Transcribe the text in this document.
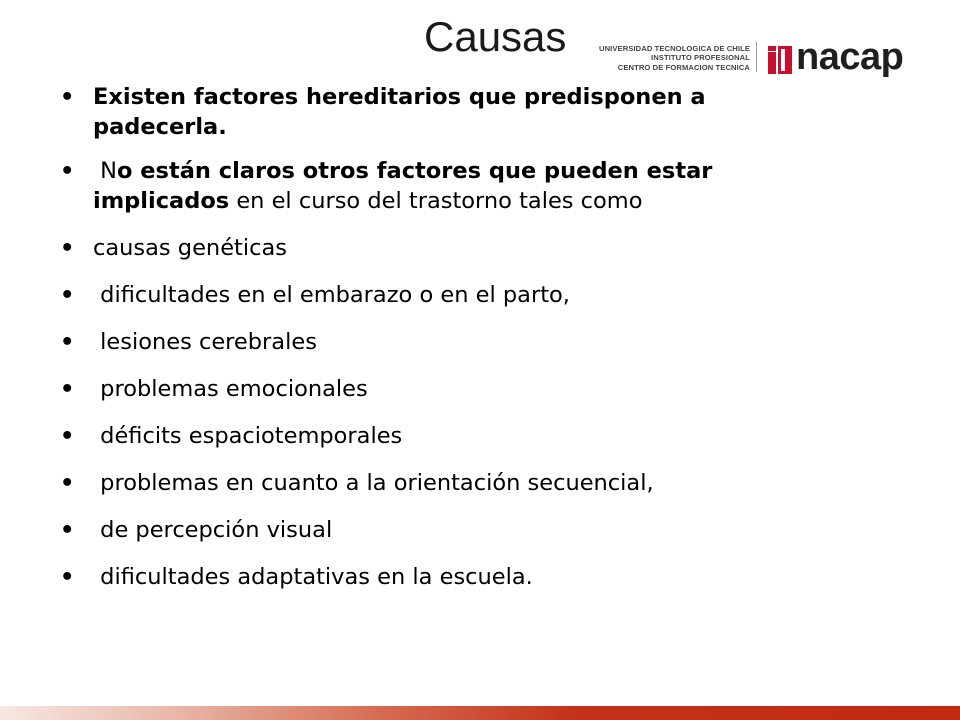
Causas	UNIVERSIDAD TECNOLOGICA DE CHILE
INSTITUTO PROFESIONAL
CENTRO DE FORMACION TECNICA nacap
• Existen factores hereditarios que predisponen a
padecerla.
•	No están claros otros factores que pueden estar
implicados en el curso del trastorno tales como
• causas genéticas
•	dificultades en el embarazo o en el parto,
•	lesiones cerebrales
•	problemas emocionales
•	déficits espaciotemporales
•	problemas en cuanto a la orientación secuencial,
•	de percepción visual
•	dificultades adaptativas en la escuela.
